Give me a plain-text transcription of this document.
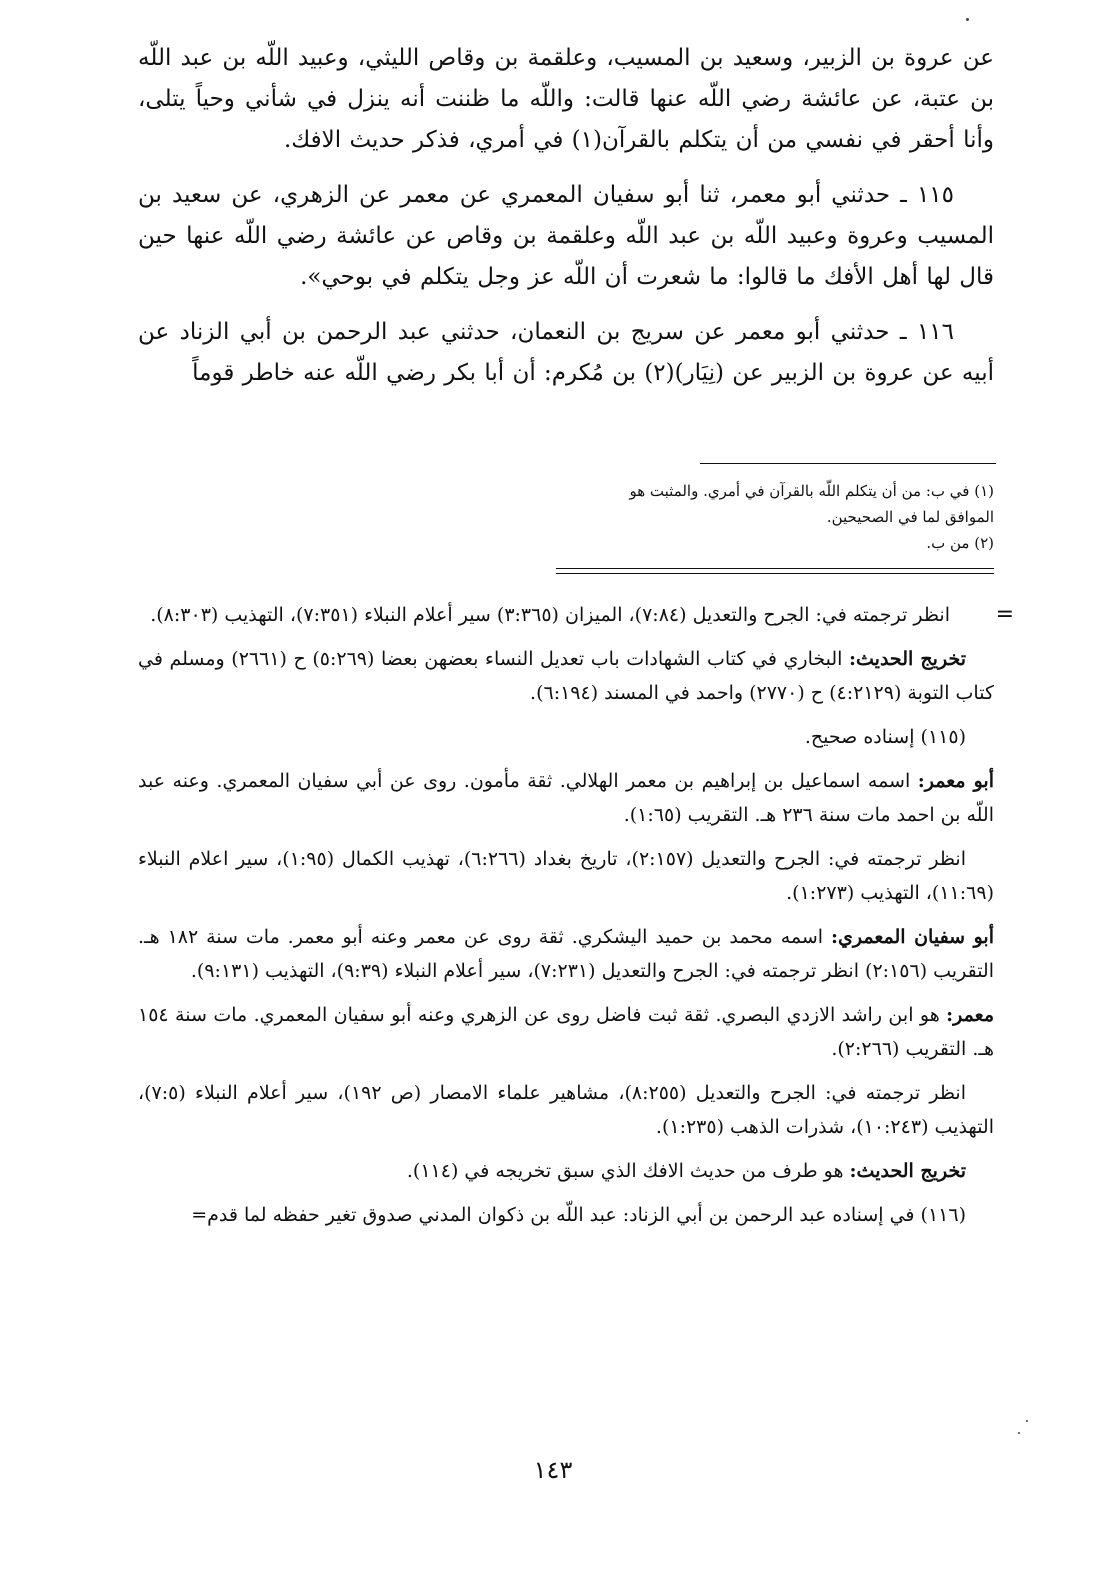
عن عروة بن الزبير، وسعيد بن المسيب، وعلقمة بن وقاص الليثي، وعبيد اللّه بن عبد اللّه بن عتبة، عن عائشة رضي اللّه عنها قالت: واللّه ما ظننت أنه ينزل في شأني وحياً يتلى، وأنا أحقر في نفسي من أن يتكلم بالقرآن(١) في أمري، فذكر حديث الافك.

١١٥ ـ حدثني أبو معمر، ثنا أبو سفيان المعمري عن معمر عن الزهري، عن سعيد بن المسيب وعروة وعبيد اللّه بن عبد اللّه وعلقمة بن وقاص عن عائشة رضي اللّه عنها حين قال لها أهل الأفك ما قالوا: ما شعرت أن اللّه عز وجل يتكلم في بوحي».

١١٦ ـ حدثني أبو معمر عن سريج بن النعمان، حدثني عبد الرحمن بن أبي الزناد عن أبيه عن عروة بن الزبير عن (نِيَار)(٢) بن مُكرم: أن أبا بكر رضي اللّه عنه خاطر قوماً

(١) في ب: من أن يتكلم اللّه بالقرآن في أمري. والمثبت هو الموافق لما في الصحيحين.
(٢) من ب.
=

انظر ترجمته في: الجرح والتعديل (٧:٨٤)، الميزان (٣:٣٦٥) سير أعلام النبلاء (٧:٣٥١)، التهذيب (٨:٣٠٣).

تخريج الحديث: البخاري في كتاب الشهادات باب تعديل النساء بعضهن بعضا (٥:٢٦٩) ح (٢٦٦١) ومسلم في كتاب التوبة (٤:٢١٢٩) ح (٢٧٧٠) واحمد في المسند (٦:١٩٤).

(١١٥) إسناده صحيح.

أبو معمر: اسمه اسماعيل بن إبراهيم بن معمر الهلالي. ثقة مأمون. روى عن أبي سفيان المعمري. وعنه عبد اللّه بن احمد مات سنة ٢٣٦ هـ. التقريب (١:٦٥).

انظر ترجمته في: الجرح والتعديل (٢:١٥٧)، تاريخ بغداد (٦:٢٦٦)، تهذيب الكمال (١:٩٥)، سير اعلام النبلاء (١١:٦٩)، التهذيب (١:٢٧٣).

أبو سفيان المعمري: اسمه محمد بن حميد اليشكري. ثقة روى عن معمر وعنه أبو معمر. مات سنة ١٨٢ هـ. التقريب (٢:١٥٦) انظر ترجمته في: الجرح والتعديل (٧:٢٣١)، سير أعلام النبلاء (٩:٣٩)، التهذيب (٩:١٣١).

معمر: هو ابن راشد الازدي البصري. ثقة ثبت فاضل روى عن الزهري وعنه أبو سفيان المعمري. مات سنة ١٥٤ هـ. التقريب (٢:٢٦٦).

انظر ترجمته في: الجرح والتعديل (٨:٢٥٥)، مشاهير علماء الامصار (ص ١٩٢)، سير أعلام النبلاء (٧:٥)، التهذيب (١٠:٢٤٣)، شذرات الذهب (١:٢٣٥).

تخريج الحديث: هو طرف من حديث الافك الذي سبق تخريجه في (١١٤).

(١١٦) في إسناده عبد الرحمن بن أبي الزناد: عبد اللّه بن ذكوان المدني صدوق تغير حفظه لما قدم=

١٤٣
